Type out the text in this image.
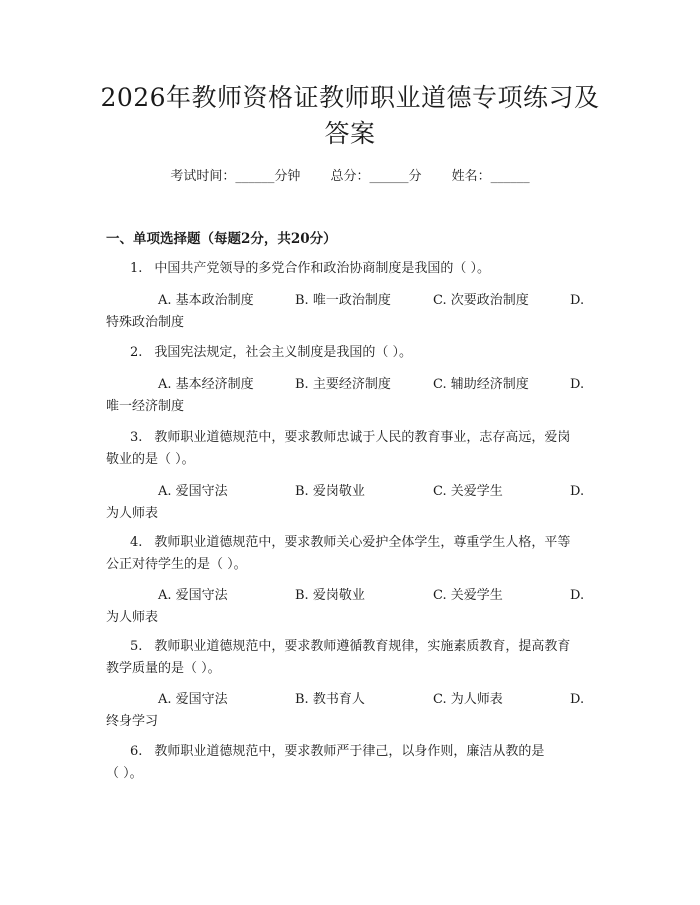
2026年教师资格证教师职业道德专项练习及
答案
考试时间：______分钟 总分：______分 姓名：______
一、单项选择题（每题2分，共20分）
1. 中国共产党领导的多党合作和政治协商制度是我国的（ ）。
A. 基本政治制度	B. 唯一政治制度	C. 次要政治制度	D.
特殊政治制度
2. 我国宪法规定，社会主义制度是我国的（ ）。
A. 基本经济制度	B. 主要经济制度	C. 辅助经济制度	D.
唯一经济制度
3. 教师职业道德规范中，要求教师忠诚于人民的教育事业，志存高远，爱岗
敬业的是（ ）。
A. 爱国守法	B. 爱岗敬业	C. 关爱学生	D.
为人师表
4. 教师职业道德规范中，要求教师关心爱护全体学生，尊重学生人格，平等
公正对待学生的是（ ）。
A. 爱国守法	B. 爱岗敬业	C. 关爱学生	D.
为人师表
5. 教师职业道德规范中，要求教师遵循教育规律，实施素质教育，提高教育
教学质量的是（ ）。
A. 爱国守法	B. 教书育人	C. 为人师表	D.
终身学习
6. 教师职业道德规范中，要求教师严于律己，以身作则，廉洁从教的是
（ ）。
